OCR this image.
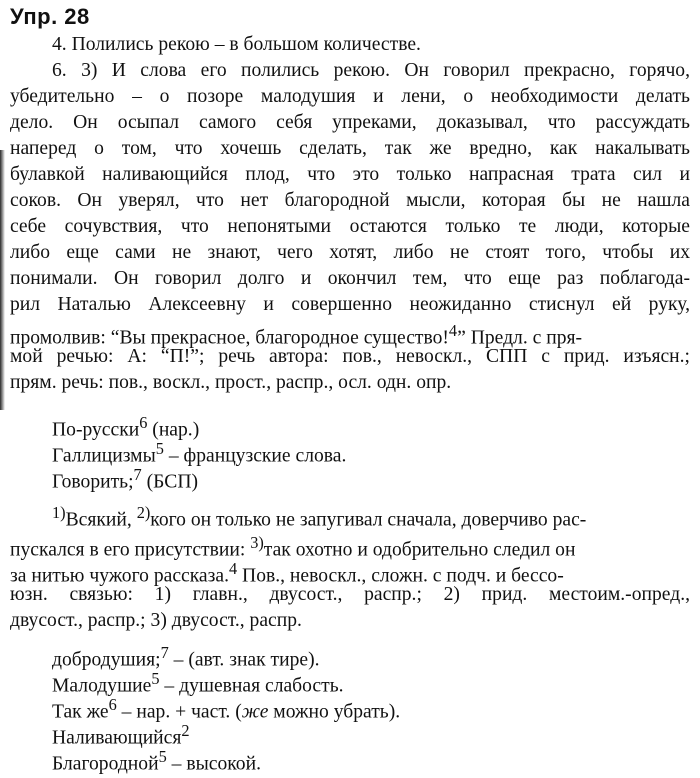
Упр. 28
4. Полились рекою – в большом количестве.
6. 3) И слова его полились рекою. Он говорил прекрасно, горячо,
убедительно – о позоре малодушия и лени, о необходимости делать
дело. Он осыпал самого себя упреками, доказывал, что рассуждать
наперед о том, что хочешь сделать, так же вредно, как накалывать
булавкой наливающийся плод, что это только напрасная трата сил и
соков. Он уверял, что нет благородной мысли, которая бы не нашла
себе сочувствия, что непонятыми остаются только те люди, которые
либо еще сами не знают, чего хотят, либо не стоят того, чтобы их
понимали. Он говорил долго и окончил тем, что еще раз поблагода-
рил Наталью Алексеевну и совершенно неожиданно стиснул ей руку,
промолвив: “Вы прекрасное, благородное существо!$^4$” Предл. с пря-
мой речью: А: “П!”; речь автора: пов., невоскл., СПП с прид. изъясн.;
прям. речь: пов., воскл., прост., распр., осл. одн. опр.
По-русски$^6$ (нар.)
Галлицизмы$^5$ – французские слова.
Говорить;$^7$ (БСП)
$^{1)}$Всякий, $^{2)}$кого он только не запугивал сначала, доверчиво рас-
пускался в его присутствии: $^{3)}$так охотно и одобрительно следил он
за нитью чужого рассказа.$^4$ Пов., невоскл., сложн. с подч. и бессо-
юзн. связью: 1) главн., двусост., распр.; 2) прид. местоим.-опред.,
двусост., распр.; 3) двусост., распр.
добродушия;$^7$ – (авт. знак тире).
Малодушие$^5$ – душевная слабость.
Так $же^6$ – нар. + част. (же можно убрать).
Наливающийся$^2$
Благородной$^5$ – высокой.
